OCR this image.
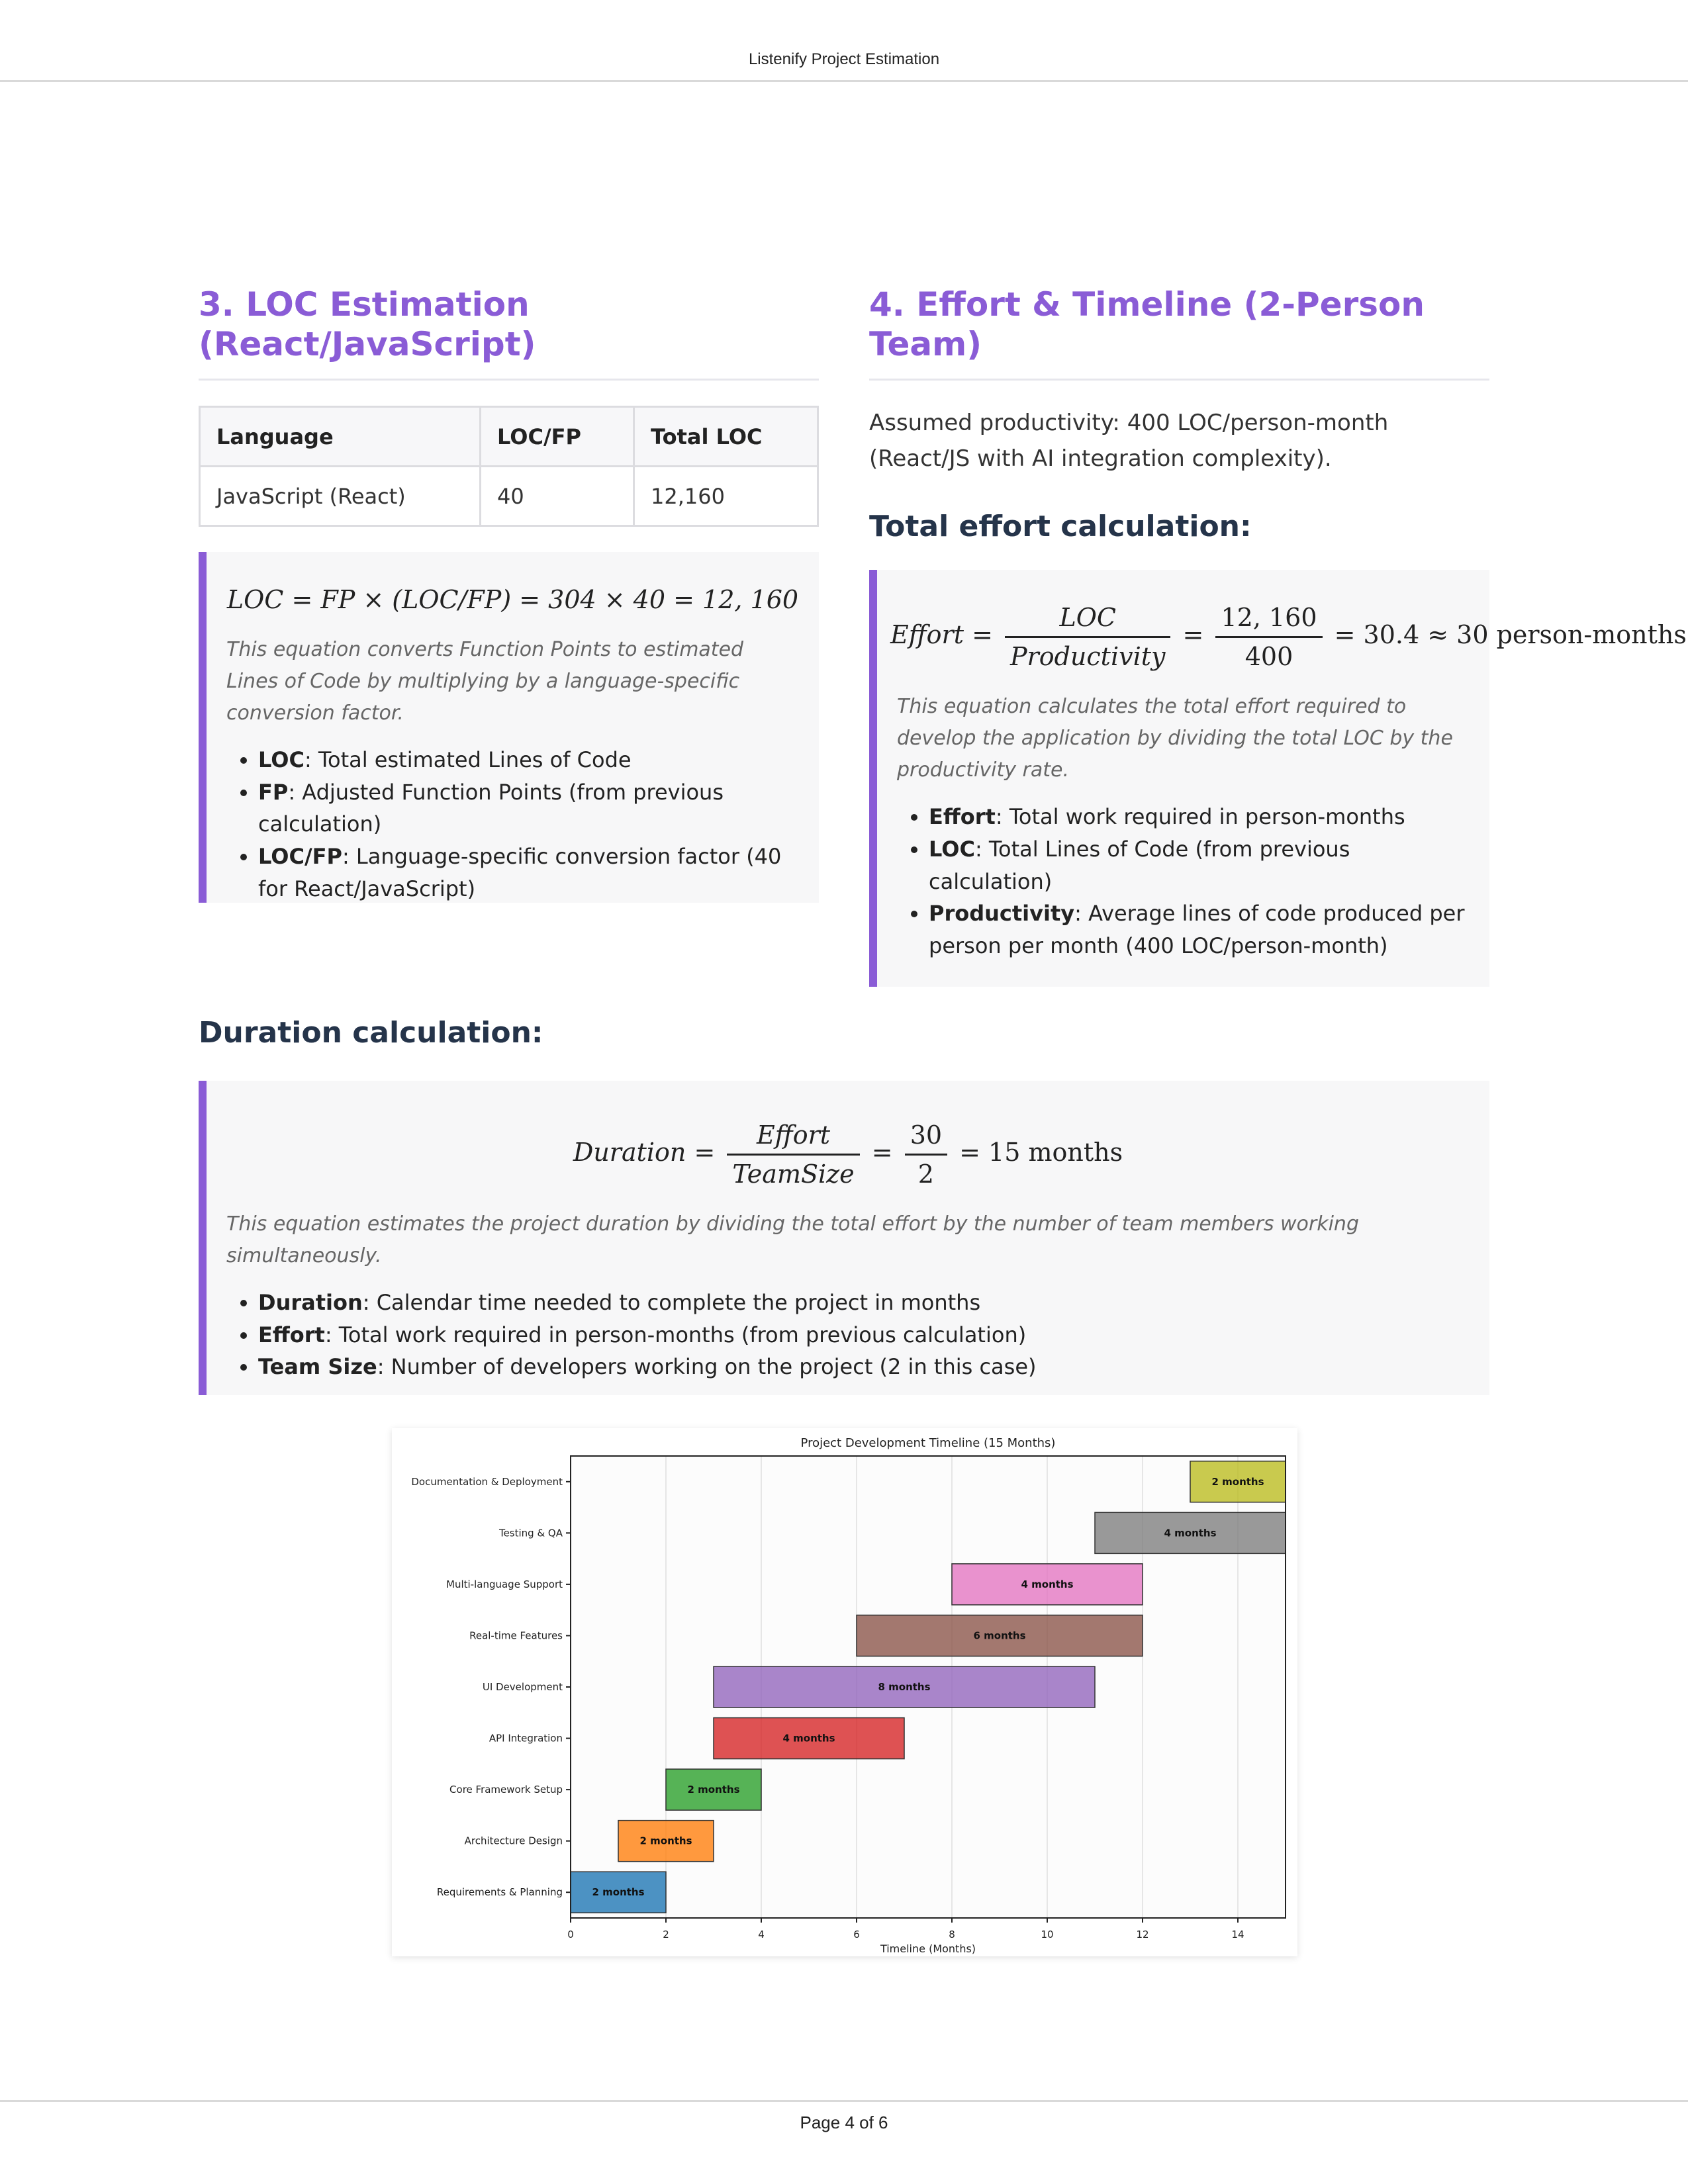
Listenify Project Estimation
3. LOC Estimation (React/JavaScript)
Language	LOC/FP	Total LOC
JavaScript (React)	40	12,160
LOC = FP × (LOC/FP) = 304 × 40 = 12, 160
This equation converts Function Points to estimated Lines of Code by multiplying by a language-specific conversion factor.
• LOC: Total estimated Lines of Code
• FP: Adjusted Function Points (from previous calculation)
• LOC/FP: Language-specific conversion factor (40 for React/JavaScript)
4. Effort & Timeline (2-Person Team)
Assumed productivity: 400 LOC/person-month (React/JS with AI integration complexity).
Total effort calculation:
Effort = $\frac{\text{LOC}}{\text{Productivity}} = \frac{12, 160}{400} = 30.4 \approx 30$ person-months
This equation calculates the total effort required to develop the application by dividing the total LOC by the productivity rate.
• Effort: Total work required in person-months
• LOC: Total Lines of Code (from previous calculation)
• Productivity: Average lines of code produced per person per month (400 LOC/person-month)
Duration calculation:
Duration = $\frac{\text{Effort}}{\text{TeamSize}} = \frac{30}{2} = 15$ months
This equation estimates the project duration by dividing the total effort by the number of team members working simultaneously.
• Duration: Calendar time needed to complete the project in months
• Effort: Total work required in person-months (from previous calculation)
• Team Size: Number of developers working on the project (2 in this case)
0	2	4	6	8	10	12	14
2 months
Requirements & Planning
2 months
Architecture Design
2 months
Core Framework Setup
4 months
API Integration
8 months
UI Development
6 months
Real-time Features
4 months
Multi-language Support
4 months
Testing & QA
2 months
Documentation & Deployment
Project Development Timeline (15 Months)
Timeline (Months)
Page 4 of 6
